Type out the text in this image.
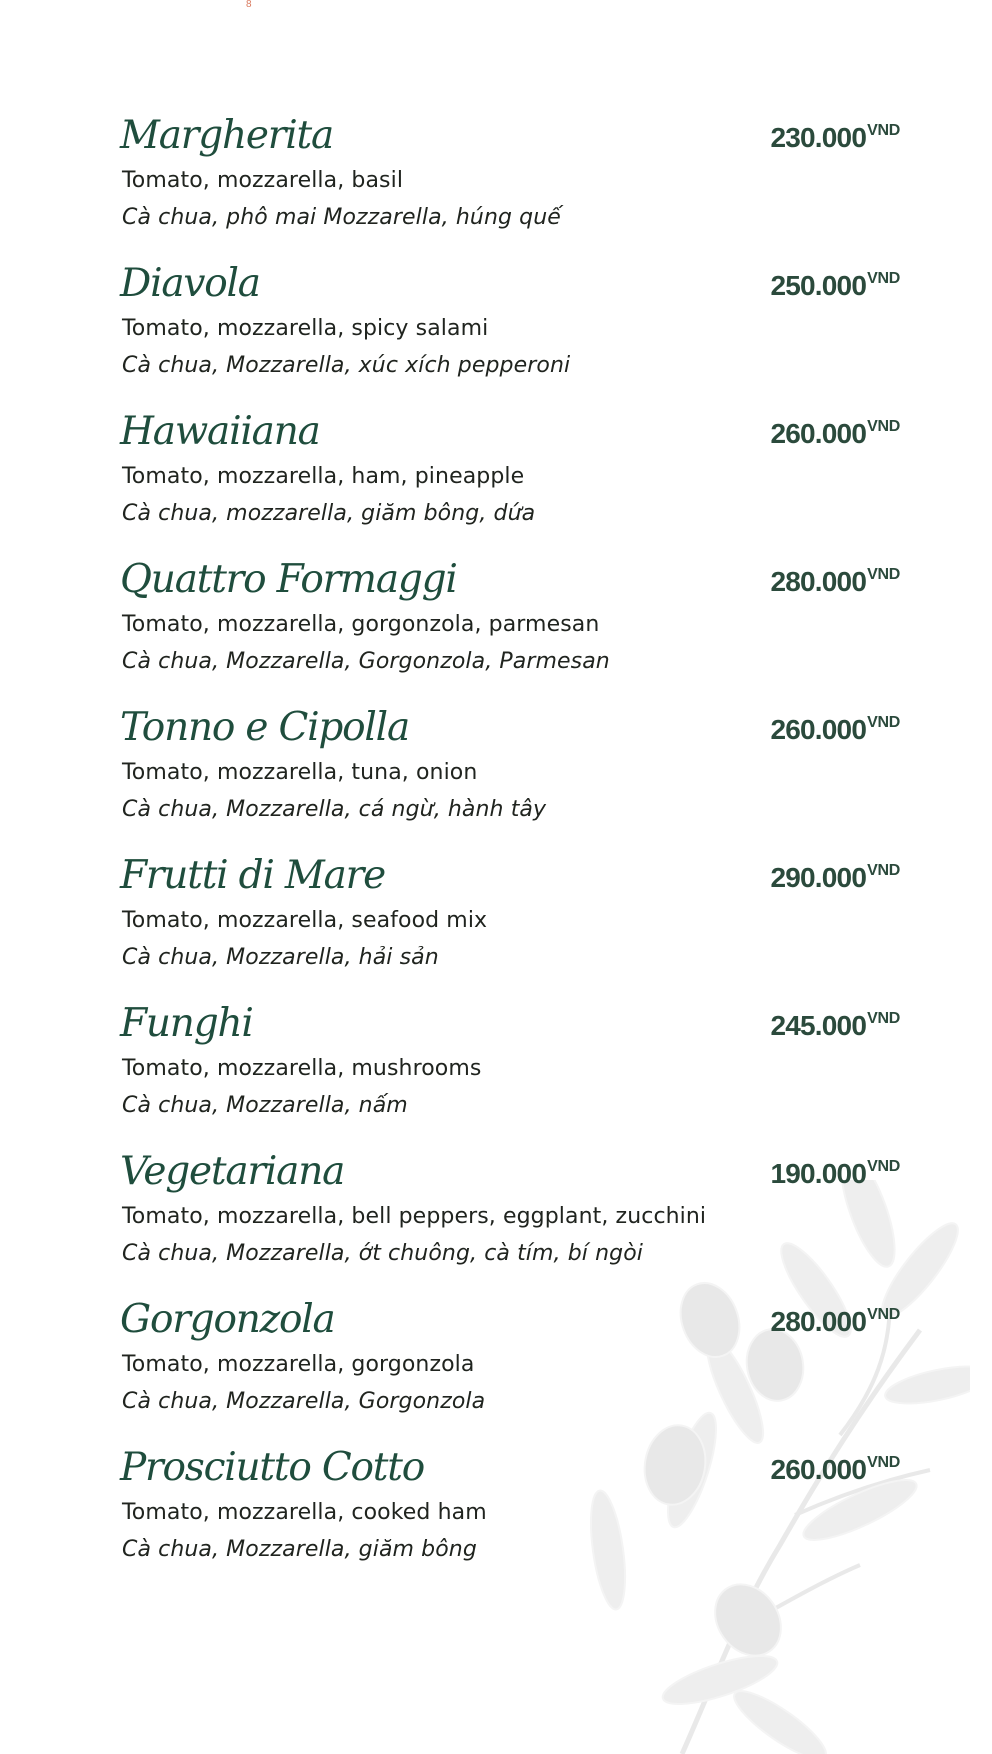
8
Margherita	$230.000^{VND}$
Tomato, mozzarella, basil
Cà chua, phô mai Mozzarella, húng quế
Diavola	$250.000^{VND}$
Tomato, mozzarella, spicy salami
Cà chua, Mozzarella, xúc xích pepperoni
Hawaiiana	$260.000^{VND}$
Tomato, mozzarella, ham, pineapple
Cà chua, mozzarella, giăm bông, dứa
Quattro Formaggi	$280.000^{VND}$
Tomato, mozzarella, gorgonzola, parmesan
Cà chua, Mozzarella, Gorgonzola, Parmesan
Tonno e Cipolla	$260.000^{VND}$
Tomato, mozzarella, tuna, onion
Cà chua, Mozzarella, cá ngừ, hành tây
Frutti di Mare	$290.000^{VND}$
Tomato, mozzarella, seafood mix
Cà chua, Mozzarella, hải sản
Funghi	$245.000^{VND}$
Tomato, mozzarella, mushrooms
Cà chua, Mozzarella, nấm
Vegetariana	$190.000^{VND}$
Tomato, mozzarella, bell peppers, eggplant, zucchini
Cà chua, Mozzarella, ớt chuông, cà tím, bí ngòi
Gorgonzola	$280.000^{VND}$
Tomato, mozzarella, gorgonzola
Cà chua, Mozzarella, Gorgonzola
Prosciutto Cotto	$260.000^{VND}$
Tomato, mozzarella, cooked ham
Cà chua, Mozzarella, giăm bông
